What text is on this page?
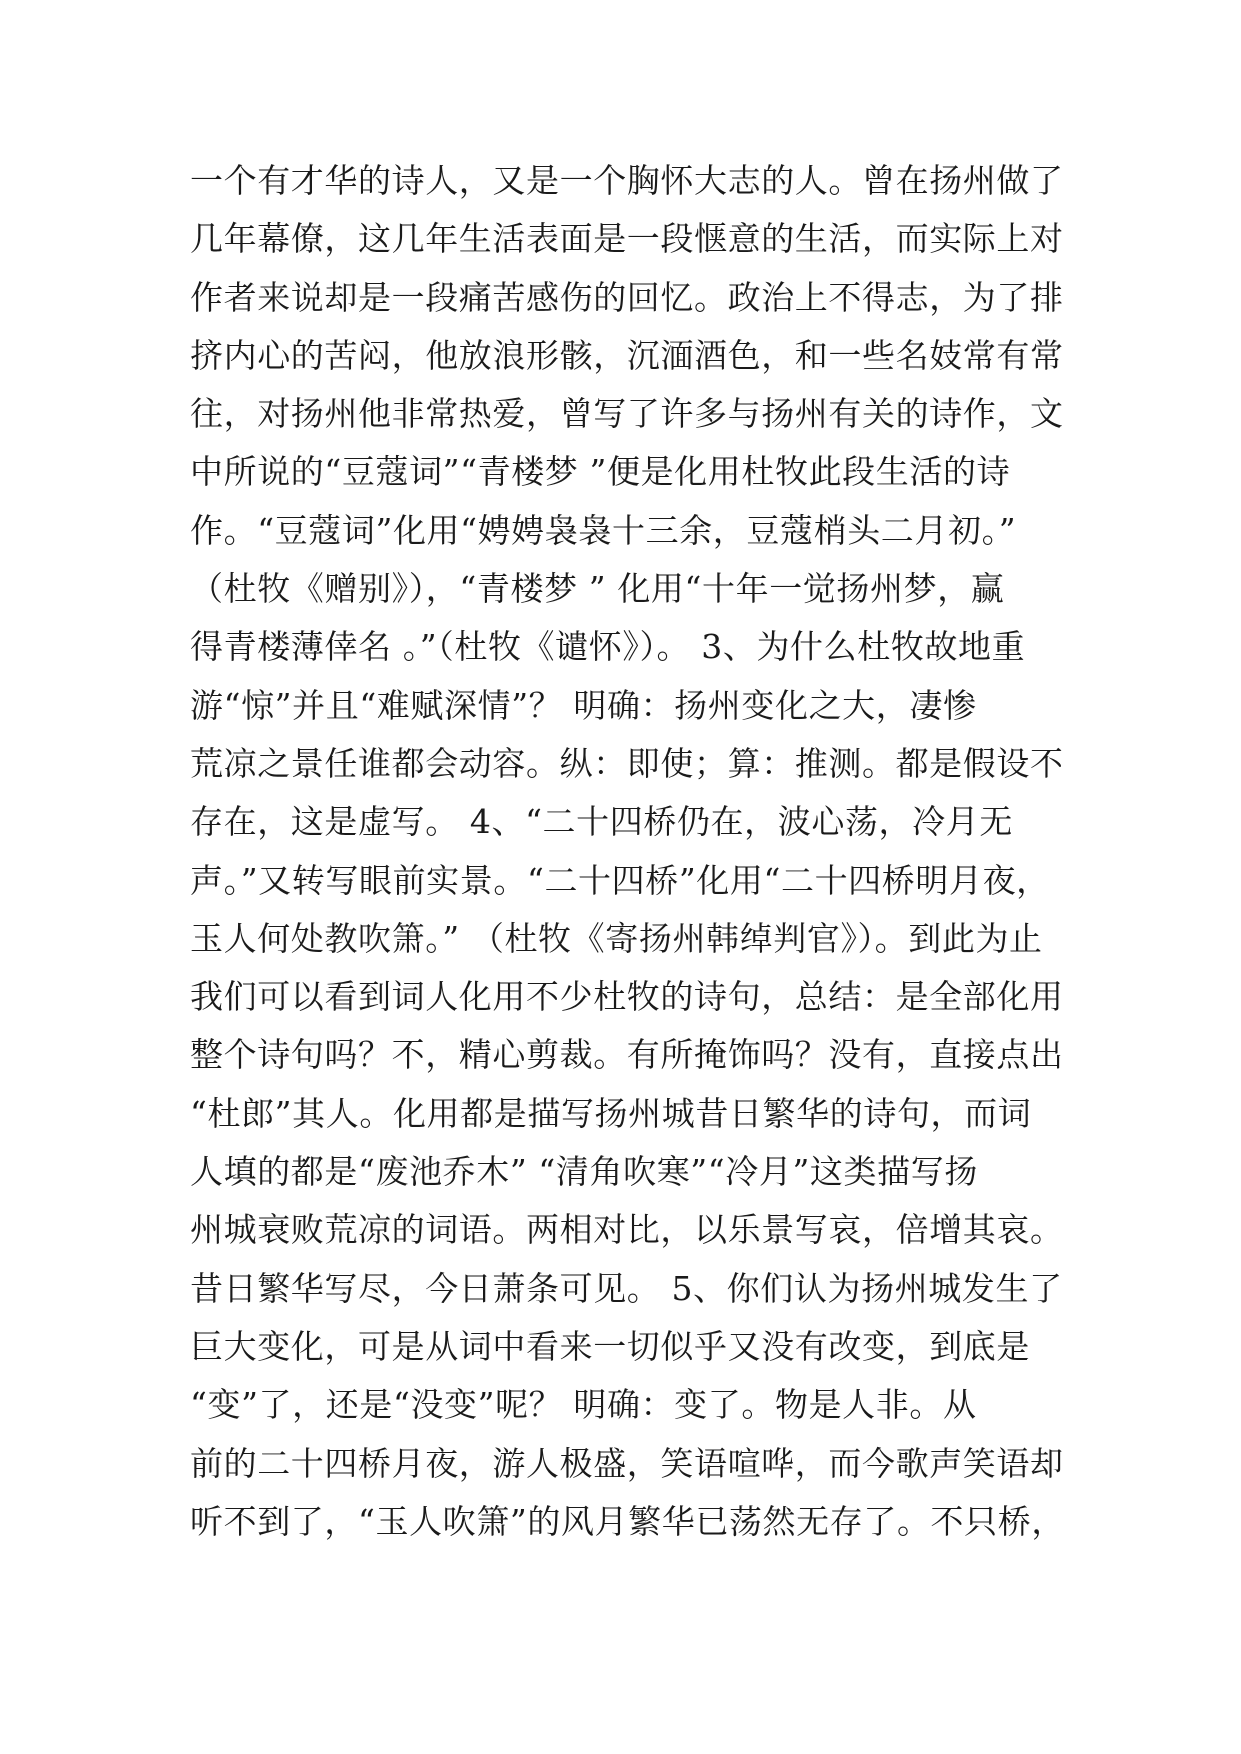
一个有才华的诗人，又是一个胸怀大志的人。曾在扬州做了
几年幕僚，这几年生活表面是一段惬意的生活，而实际上对
作者来说却是一段痛苦感伤的回忆。政治上不得志，为了排
挤内心的苦闷，他放浪形骸，沉湎酒色，和一些名妓常有常
往，对扬州他非常热爱，曾写了许多与扬州有关的诗作，文
中所说的“豆蔻词”“青楼梦 ”便是化用杜牧此段生活的诗
作。“豆蔻词”化用“娉娉袅袅十三余，豆蔻梢头二月初。”
（杜牧《赠别》），“青楼梦 ” 化用“十年一觉扬州梦，赢
得青楼薄倖名 。”（杜牧《谴怀》）。 3、为什么杜牧故地重
游“惊”并且“难赋深情”？ 明确：扬州变化之大，凄惨
荒凉之景任谁都会动容。纵：即使；算：推测。都是假设不
存在，这是虚写。 4、“二十四桥仍在，波心荡，冷月无
声。”又转写眼前实景。“二十四桥”化用“二十四桥明月夜，
玉人何处教吹箫。” （杜牧《寄扬州韩绰判官》）。到此为止
我们可以看到词人化用不少杜牧的诗句，总结：是全部化用
整个诗句吗？不，精心剪裁。有所掩饰吗？没有，直接点出
“杜郎”其人。化用都是描写扬州城昔日繁华的诗句，而词
人填的都是“废池乔木” “清角吹寒”“冷月”这类描写扬
州城衰败荒凉的词语。两相对比，以乐景写哀，倍增其哀。
昔日繁华写尽，今日萧条可见。 5、你们认为扬州城发生了
巨大变化，可是从词中看来一切似乎又没有改变，到底是
“变”了，还是“没变”呢？ 明确：变了。物是人非。从
前的二十四桥月夜，游人极盛，笑语喧哗，而今歌声笑语却
听不到了，“玉人吹箫”的风月繁华已荡然无存了。不只桥，
